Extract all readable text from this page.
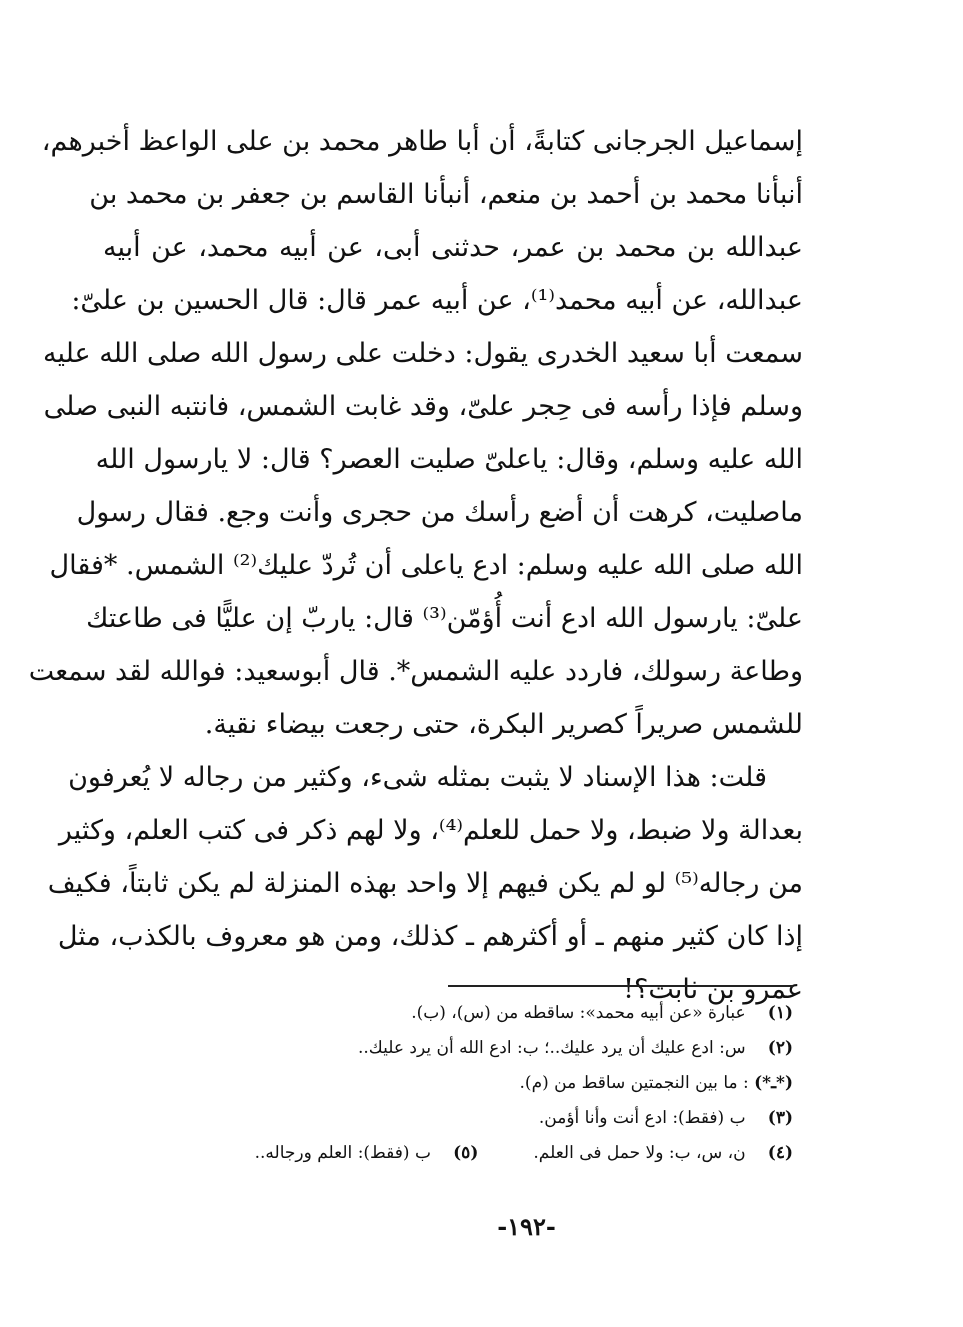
إسماعيل الجرجانى كتابةً، أن أبا طاهر محمد بن على الواعظ أخبرهم،
أنبأنا محمد بن أحمد بن منعم، أنبأنا القاسم بن جعفر بن محمد بن
عبدالله بن محمد بن عمر، حدثنى أبى، عن أبيه محمد، عن أبيه
عبدالله، عن أبيه محمد⁽¹⁾، عن أبيه عمر قال: قال الحسين بن علىّ:
سمعت أبا سعيد الخدرى يقول: دخلت على رسول الله صلى الله عليه
وسلم فإذا رأسه فى حِجر علىّ، وقد غابت الشمس، فانتبه النبى صلى
الله عليه وسلم، وقال: ياعلىّ صليت العصر؟ قال: لا يارسول الله
ماصليت، كرهت أن أضع رأسك من حجرى وأنت وجع. فقال رسول
الله صلى الله عليه وسلم: ادع ياعلى أن تُردّ عليك⁽²⁾ الشمس. *فقال
علىّ: يارسول الله ادع أنت أُؤمّن⁽³⁾ قال: ياربّ إن عليًّا فى طاعتك
وطاعة رسولك، فاردد عليه الشمس*. قال أبوسعيد: فوالله لقد سمعت
للشمس صريراً كصرير البكرة، حتى رجعت بيضاء نقية.
قلت: هذا الإسناد لا يثبت بمثله شىء، وكثير من رجاله لا يُعرفون
بعدالة ولا ضبط، ولا حمل للعلم⁽⁴⁾، ولا لهم ذكر فى كتب العلم، وكثير
من رجاله⁽⁵⁾ لو لم يكن فيهم إلا واحد بهذه المنزلة لم يكن ثابتاً، فكيف
إذا كان كثير منهم ـ أو أكثرهم ـ كذلك، ومن هو معروف بالكذب، مثل
عمرو بن ثابت؟!
(١) عبارة «عن أبيه محمد»: ساقطه من (س)، (ب).
(٢) س: ادع عليك أن يرد عليك..؛ ب: ادع الله أن يرد عليك..
(*ـ*) : ما بين النجمتين ساقط من (م).
(٣) ب (فقط): ادع أنت وأنا أؤمن.
(٤) ن، س، ب: ولا حمل فى العلم.
(٥) ب (فقط): العلم ورجاله..
-١٩٢-
